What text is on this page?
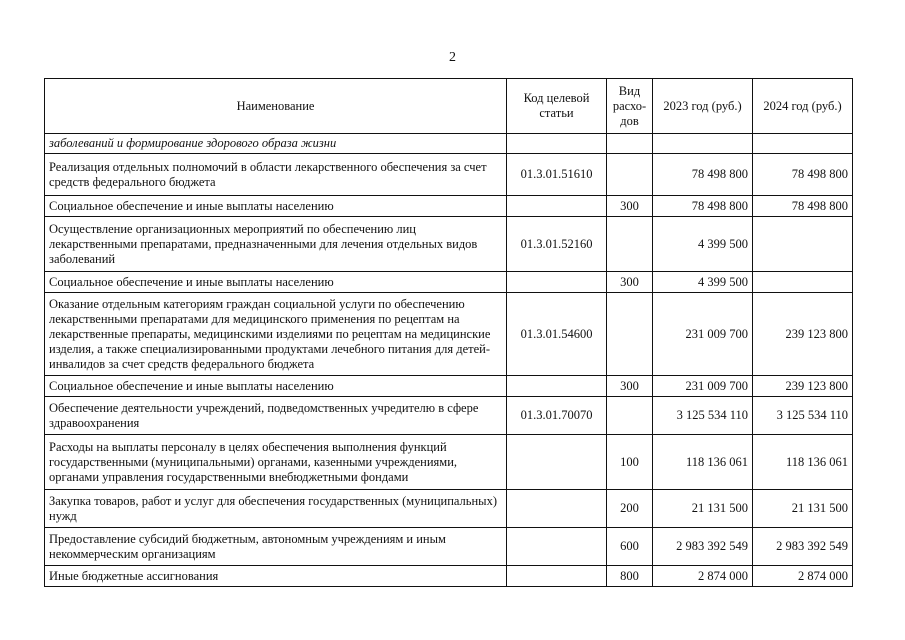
2
Наименование	Код целевой статьи	Вид расхо-дов	2023 год (руб.)	2024 год (руб.)
заболеваний и формирование здорового образа жизни				
Реализация отдельных полномочий в области лекарственного обеспечения за счет средств федерального бюджета	01.3.01.51610		78 498 800	78 498 800
Социальное обеспечение и иные выплаты населению		300	78 498 800	78 498 800
Осуществление организационных мероприятий по обеспечению лиц лекарственными препаратами, предназначенными для лечения отдельных видов заболеваний	01.3.01.52160		4 399 500	
Социальное обеспечение и иные выплаты населению		300	4 399 500	
Оказание отдельным категориям граждан социальной услуги по обеспечению лекарственными препаратами для медицинского применения по рецептам на лекарственные препараты, медицинскими изделиями по рецептам на медицинские изделия, а также специализированными продуктами лечебного питания для детей-инвалидов за счет средств федерального бюджета	01.3.01.54600		231 009 700	239 123 800
Социальное обеспечение и иные выплаты населению		300	231 009 700	239 123 800
Обеспечение деятельности учреждений, подведомственных учредителю в сфере здравоохранения	01.3.01.70070		3 125 534 110	3 125 534 110
Расходы на выплаты персоналу в целях обеспечения выполнения функций государственными (муниципальными) органами, казенными учреждениями, органами управления государственными внебюджетными фондами		100	118 136 061	118 136 061
Закупка товаров, работ и услуг для обеспечения государственных (муниципальных) нужд		200	21 131 500	21 131 500
Предоставление субсидий бюджетным, автономным учреждениям и иным некоммерческим организациям		600	2 983 392 549	2 983 392 549
Иные бюджетные ассигнования		800	2 874 000	2 874 000
